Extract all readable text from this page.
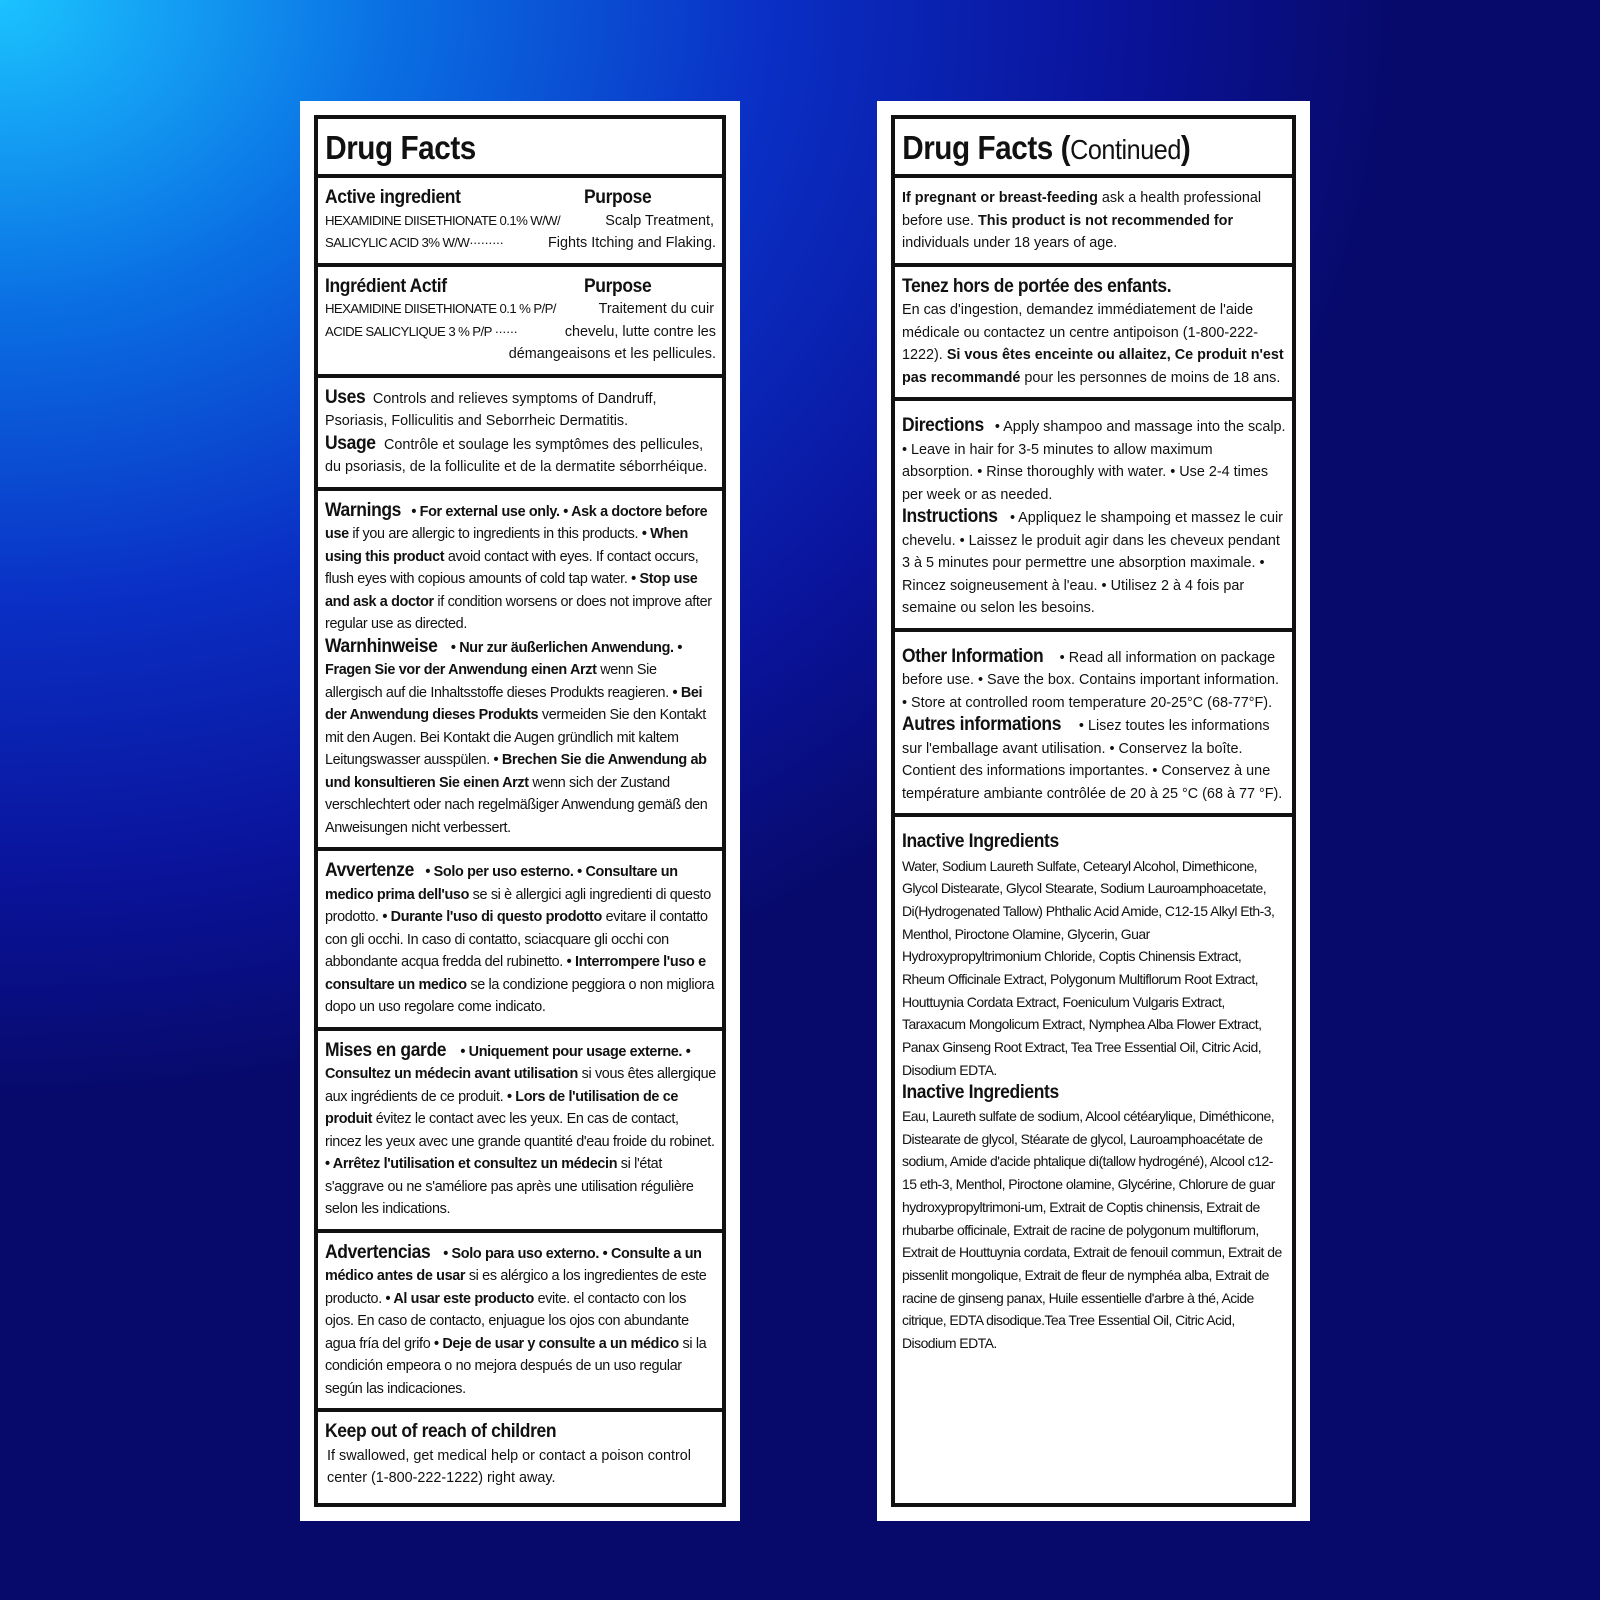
Drug Facts
Active ingredient	Purpose
HEXAMIDINE DIISETHIONATE 0.1% W/W/	Scalp Treatment,
SALICYLIC ACID 3% W/W·········	Fights Itching and Flaking.
Ingrédient Actif	Purpose
HEXAMIDINE DIISETHIONATE 0.1 % P/P/	Traitement du cuir
ACIDE SALICYLIQUE 3 % P/P ······	chevelu, lutte contre les
démangeaisons et les pellicules.

Uses Controls and relieves symptoms of Dandruff, Psoriasis, Folliculitis and Seborrheic Dermatitis.

Usage Contrôle et soulage les symptômes des pellicules, du psoriasis, de la folliculite et de la dermatite séborrhéique.

Warnings • For external use only. • Ask a doctore before use if you are allergic to ingredients in this products. • When using this product avoid contact with eyes. If contact occurs, flush eyes with copious amounts of cold tap water. • Stop use and ask a doctor if condition worsens or does not improve after regular use as directed.

Warnhinweise • Nur zur äußerlichen Anwendung. • Fragen Sie vor der Anwendung einen Arzt wenn Sie allergisch auf die Inhaltsstoffe dieses Produkts reagieren. • Bei der Anwendung dieses Produkts vermeiden Sie den Kontakt mit den Augen. Bei Kontakt die Augen gründlich mit kaltem Leitungswasser ausspülen. • Brechen Sie die Anwendung ab und konsultieren Sie einen Arzt wenn sich der Zustand verschlechtert oder nach regelmäßiger Anwendung gemäß den Anweisungen nicht verbessert.

Avvertenze • Solo per uso esterno. • Consultare un medico prima dell'uso se si è allergici agli ingredienti di questo prodotto. • Durante l'uso di questo prodotto evitare il contatto con gli occhi. In caso di contatto, sciacquare gli occhi con abbondante acqua fredda del rubinetto. • Interrompere l'uso e consultare un medico se la condizione peggiora o non migliora dopo un uso regolare come indicato.

Mises en garde • Uniquement pour usage externe. • Consultez un médecin avant utilisation si vous êtes allergique aux ingrédients de ce produit. • Lors de l'utilisation de ce produit évitez le contact avec les yeux. En cas de contact, rincez les yeux avec une grande quantité d'eau froide du robinet. • Arrêtez l'utilisation et consultez un médecin si l'état s'aggrave ou ne s'améliore pas après une utilisation régulière selon les indications.

Advertencias • Solo para uso externo. • Consulte a un médico antes de usar si es alérgico a los ingredientes de este producto. • Al usar este producto evite. el contacto con los ojos. En caso de contacto, enjuague los ojos con abundante agua fría del grifo • Deje de usar y consulte a un médico si la condición empeora o no mejora después de un uso regular según las indicaciones.

Keep out of reach of children

If swallowed, get medical help or contact a poison control center (1-800-222-1222) right away.

Drug Facts (Continued)

If pregnant or breast-feeding ask a health professional before use. This product is not recommended for individuals under 18 years of age.

Tenez hors de portée des enfants.

En cas d'ingestion, demandez immédiatement de l'aide médicale ou contactez un centre antipoison (1-800-222-1222). Si vous êtes enceinte ou allaitez, Ce produit n'est pas recommandé pour les personnes de moins de 18 ans.

Directions • Apply shampoo and massage into the scalp. • Leave in hair for 3-5 minutes to allow maximum absorption. • Rinse thoroughly with water. • Use 2-4 times per week or as needed.

Instructions • Appliquez le shampoing et massez le cuir chevelu. • Laissez le produit agir dans les cheveux pendant 3 à 5 minutes pour permettre une absorption maximale. • Rincez soigneusement à l'eau. • Utilisez 2 à 4 fois par semaine ou selon les besoins.

Other Information • Read all information on package before use. • Save the box. Contains important information. • Store at controlled room temperature 20-25°C (68-77°F).

Autres informations • Lisez toutes les informations sur l'emballage avant utilisation. • Conservez la boîte. Contient des informations importantes. • Conservez à une température ambiante contrôlée de 20 à 25 °C (68 à 77 °F).

Inactive Ingredients

Water, Sodium Laureth Sulfate, Cetearyl Alcohol, Dimethicone, Glycol Distearate, Glycol Stearate, Sodium Lauroamphoacetate, Di(Hydrogenated Tallow) Phthalic Acid Amide, C12-15 Alkyl Eth-3, Menthol, Piroctone Olamine, Glycerin, Guar Hydroxypropyltrimonium Chloride, Coptis Chinensis Extract, Rheum Officinale Extract, Polygonum Multiflorum Root Extract, Houttuynia Cordata Extract, Foeniculum Vulgaris Extract, Taraxacum Mongolicum Extract, Nymphea Alba Flower Extract, Panax Ginseng Root Extract, Tea Tree Essential Oil, Citric Acid, Disodium EDTA.

Inactive Ingredients

Eau, Laureth sulfate de sodium, Alcool cétéarylique, Diméthicone, Distearate de glycol, Stéarate de glycol, Lauroamphoacétate de sodium, Amide d'acide phtalique di(tallow hydrogéné), Alcool c12-15 eth-3, Menthol, Piroctone olamine, Glycérine, Chlorure de guar hydroxypropyltrimoni-um, Extrait de Coptis chinensis, Extrait de rhubarbe officinale, Extrait de racine de polygonum multiflorum, Extrait de Houttuynia cordata, Extrait de fenouil commun, Extrait de pissenlit mongolique, Extrait de fleur de nymphéa alba, Extrait de racine de ginseng panax, Huile essentielle d'arbre à thé, Acide citrique, EDTA disodique.Tea Tree Essential Oil, Citric Acid, Disodium EDTA.
